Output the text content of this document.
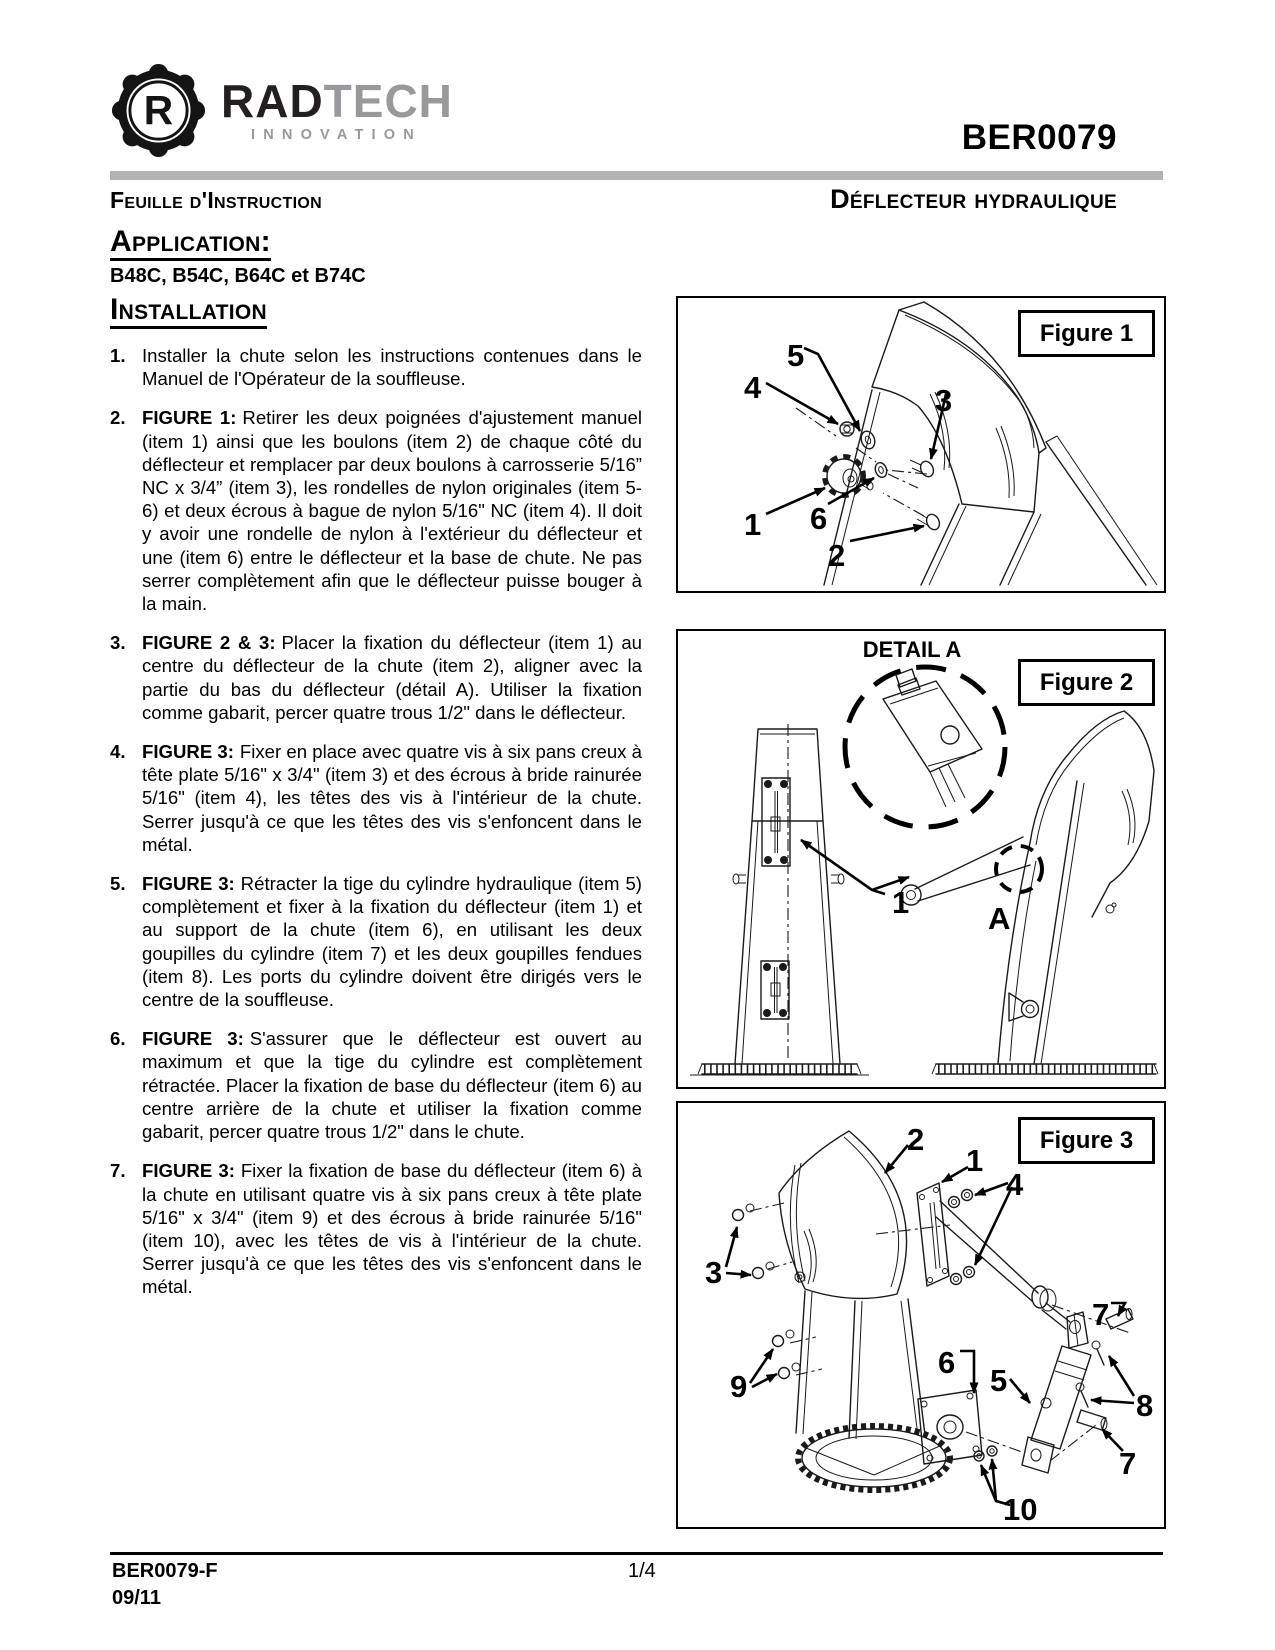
R RADTECH
INNOVATION	BER0079
Feuille d'Instruction	Déflecteur hydraulique
Application:
B48C, B54C, B64C et B74C
Installation
1. Installer la chute selon les instructions contenues dans le Manuel de l'Opérateur de la souffleuse.

2. FIGURE 1: Retirer les deux poignées d'ajustement manuel (item 1) ainsi que les boulons (item 2) de chaque côté du déflecteur et remplacer par deux boulons à carrosserie 5/16” NC x 3/4” (item 3), les rondelles de nylon originales (item 5-6) et deux écrous à bague de nylon 5/16" NC (item 4). Il doit y avoir une rondelle de nylon à l'extérieur du déflecteur et une (item 6) entre le déflecteur et la base de chute. Ne pas serrer complètement afin que le déflecteur puisse bouger à la main.

3. FIGURE 2 & 3: Placer la fixation du déflecteur (item 1) au centre du déflecteur de la chute (item 2), aligner avec la partie du bas du déflecteur (détail A). Utiliser la fixation comme gabarit, percer quatre trous 1/2" dans le déflecteur.

4. FIGURE 3: Fixer en place avec quatre vis à six pans creux à tête plate 5/16" x 3/4" (item 3) et des écrous à bride rainurée 5/16" (item 4), les têtes des vis à l'intérieur de la chute. Serrer jusqu'à ce que les têtes des vis s'enfoncent dans le métal.

5. FIGURE 3: Rétracter la tige du cylindre hydraulique (item 5) complètement et fixer à la fixation du déflecteur (item 1) et au support de la chute (item 6), en utilisant les deux goupilles du cylindre (item 7) et les deux goupilles fendues (item 8). Les ports du cylindre doivent être dirigés vers le centre de la souffleuse.

6. FIGURE 3: S'assurer que le déflecteur est ouvert au maximum et que la tige du cylindre est complètement rétractée. Placer la fixation de base du déflecteur (item 6) au centre arrière de la chute et utiliser la fixation comme gabarit, percer quatre trous 1/2" dans le chute.

7. FIGURE 3: Fixer la fixation de base du déflecteur (item 6) à la chute en utilisant quatre vis à six pans creux à tête plate 5/16" x 3/4" (item 9) et des écrous à bride rainurée 5/16" (item 10), avec les têtes de vis à l'intérieur de la chute. Serrer jusqu'à ce que les têtes des vis s'enfoncent dans le métal.

5
4	3
1 6
2
Figure 1
DETAIL A
A
1
Figure 2
2
1
4
3
9
6
5
7
8
7
10
Figure 3
BER0079-F
09/11
1/4
